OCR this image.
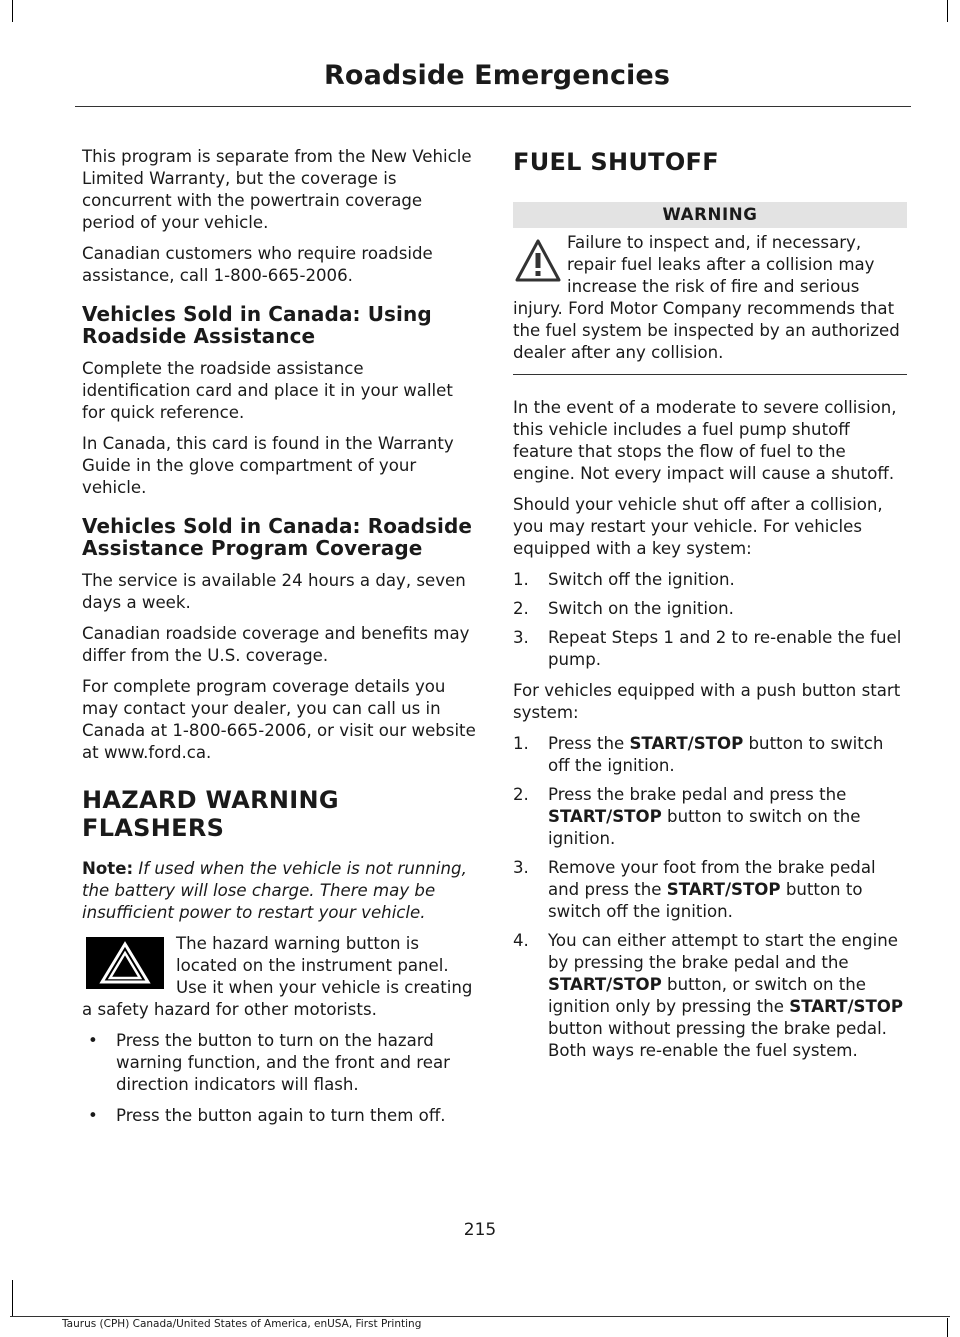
Roadside Emergencies

This program is separate from the New Vehicle Limited Warranty, but the coverage is concurrent with the powertrain coverage period of your vehicle.

Canadian customers who require roadside assistance, call 1-800-665-2006.

Vehicles Sold in Canada: Using Roadside Assistance

Complete the roadside assistance identification card and place it in your wallet for quick reference.

In Canada, this card is found in the Warranty Guide in the glove compartment of your vehicle.

Vehicles Sold in Canada: Roadside Assistance Program Coverage

The service is available 24 hours a day, seven days a week.

Canadian roadside coverage and benefits may differ from the U.S. coverage.

For complete program coverage details you may contact your dealer, you can call us in Canada at 1-800-665-2006, or visit our website at www.ford.ca.

HAZARD WARNING FLASHERS

Note: If used when the vehicle is not running, the battery will lose charge. There may be insufficient power to restart your vehicle.

The hazard warning button is located on the instrument panel. Use it when your vehicle is creating a safety hazard for other motorists.

• Press the button to turn on the hazard warning function, and the front and rear direction indicators will flash.
• Press the button again to turn them off.
FUEL SHUTOFF
WARNING

Failure to inspect and, if necessary, repair fuel leaks after a collision may increase the risk of fire and serious injury. Ford Motor Company recommends that the fuel system be inspected by an authorized dealer after any collision.

In the event of a moderate to severe collision, this vehicle includes a fuel pump shutoff feature that stops the flow of fuel to the engine. Not every impact will cause a shutoff.

Should your vehicle shut off after a collision, you may restart your vehicle. For vehicles equipped with a key system:

1. Switch off the ignition.
2. Switch on the ignition.
3. Repeat Steps 1 and 2 to re-enable the fuel pump.

For vehicles equipped with a push button start system:

1. Press the START/STOP button to switch off the ignition.
2. Press the brake pedal and press the START/STOP button to switch on the ignition.
3. Remove your foot from the brake pedal and press the START/STOP button to switch off the ignition.
4. You can either attempt to start the engine by pressing the brake pedal and the START/STOP button, or switch on the ignition only by pressing the START/STOP button without pressing the brake pedal. Both ways re-enable the fuel system.
215
Taurus (CPH) Canada/United States of America, enUSA, First Printing
